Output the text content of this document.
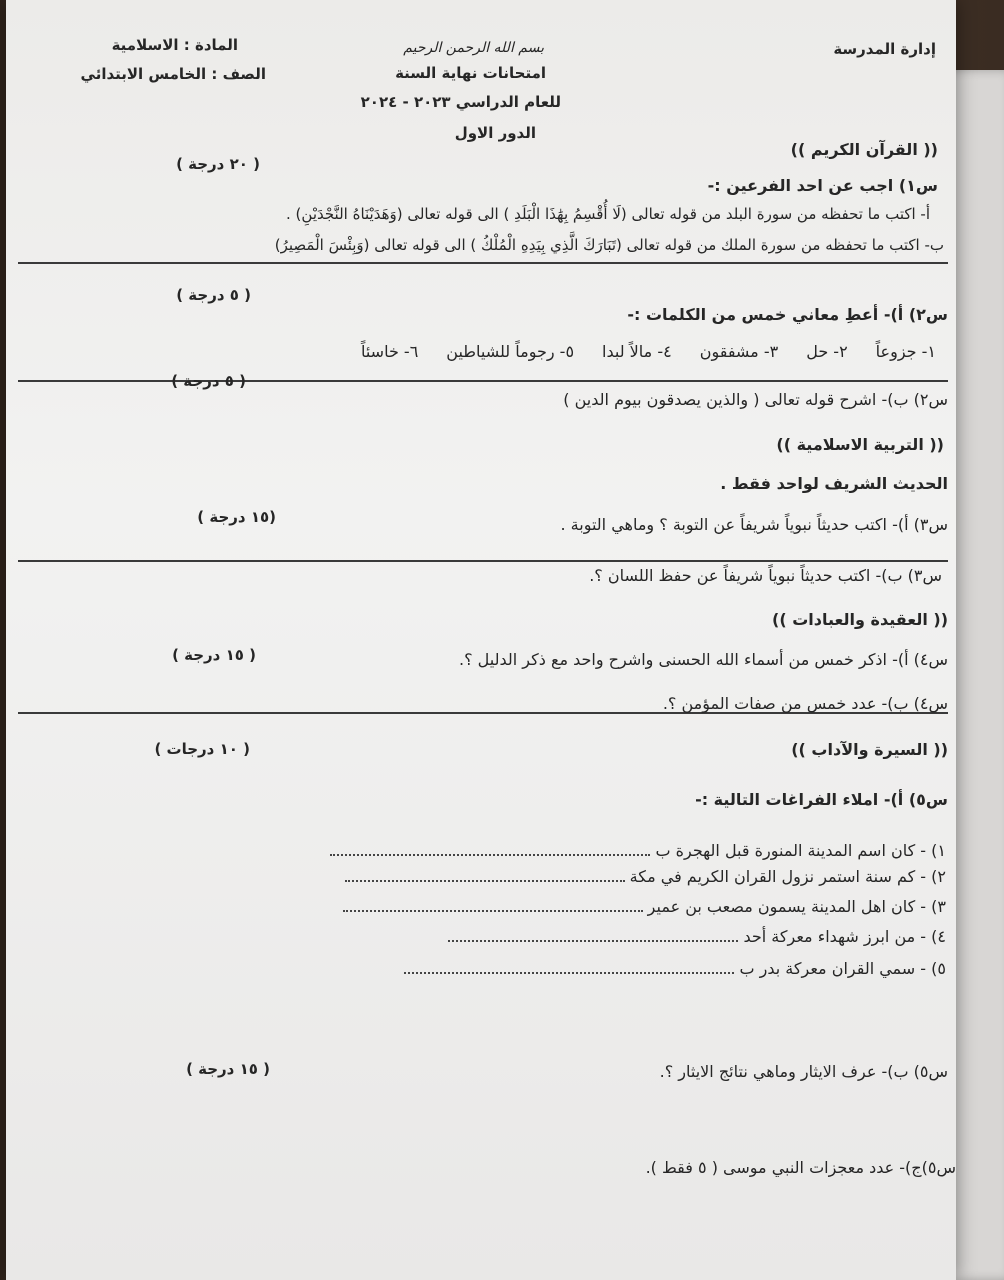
إدارة المدرسة
بسم الله الرحمن الرحيم
امتحانات نهاية السنة
للعام الدراسي ٢٠٢٣ - ٢٠٢٤
الدور الاول
المادة : الاسلامية
الصف : الخامس الابتدائي
(( القرآن الكريم ))
( ٢٠ درجة )
س١) اجب عن احد الفرعين :-
أ- اكتب ما تحفظه من سورة البلد من قوله تعالى (لَا أُقْسِمُ بِهَٰذَا الْبَلَدِ ) الى قوله تعالى (وَهَدَيْنَاهُ النَّجْدَيْنِ) .
ب- اكتب ما تحفظه من سورة الملك من قوله تعالى (تَبَارَكَ الَّذِي بِيَدِهِ الْمُلْكُ ) الى قوله تعالى (وَبِئْسَ الْمَصِيرُ)
( ٥ درجة )
س٢) أ)- أعطِ معاني خمس من الكلمات :-
١- جزوعاً
٢- حل
٣- مشفقون
٤- مالاً لبدا
٥- رجوماً للشياطين
٦- خاسئاً
( ٥ درجة )
س٢) ب)- اشرح قوله تعالى ( والذين يصدقون بيوم الدين )
(( التربية الاسلامية ))
الحديث الشريف لواحد فقط .
(١٥ درجة )	س٣) أ)- اكتب حديثاً نبوياً شريفاً عن التوبة ؟ وماهي التوبة .
س٣) ب)- اكتب حديثاً نبوياً شريفاً عن حفظ اللسان ؟.
(( العقيدة والعبادات ))
( ١٥ درجة )	س٤) أ)- اذكر خمس من أسماء الله الحسنى واشرح واحد مع ذكر الدليل ؟.
س٤) ب)- عدد خمس من صفات المؤمن ؟.
( ١٠ درجات )	(( السيرة والآداب ))
س٥) أ)- املاء الفراغات التالية :-
١) - كان اسم المدينة المنورة قبل الهجرة ب
٢) - كم سنة استمر نزول القران الكريم في مكة
٣) - كان اهل المدينة يسمون مصعب بن عمير
٤) - من ابرز شهداء معركة أحد
٥) - سمي القران معركة بدر ب
( ١٥ درجة )	س٥) ب)- عرف الايثار وماهي نتائج الايثار ؟.
س٥)ج)- عدد معجزات النبي موسى ( ٥ فقط ).
